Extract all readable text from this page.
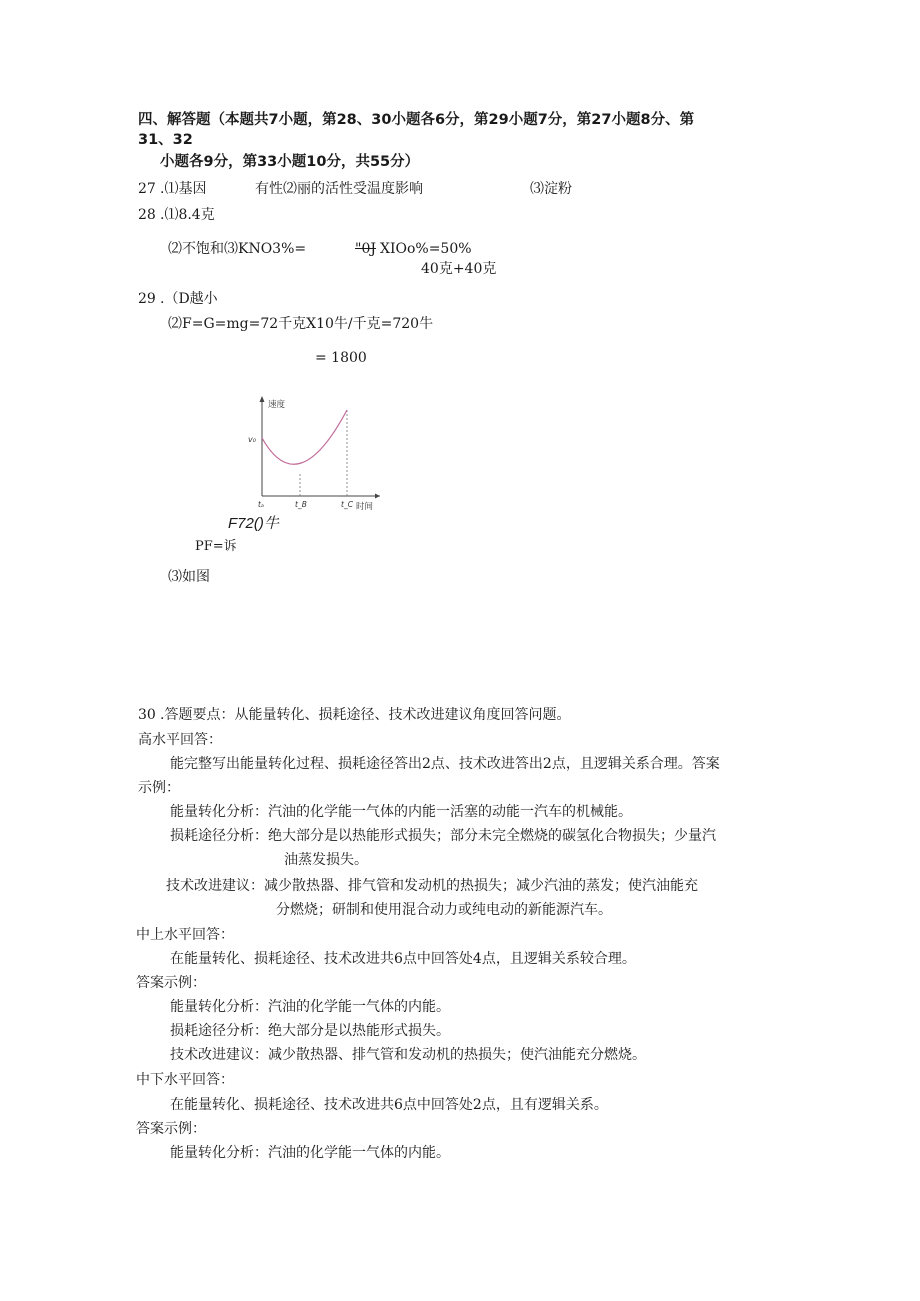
四、解答题（本题共7小题，第28、30小题各6分，第29小题7分，第27小题8分、第
31、32
小题各9分，第33小题10分，共55分）
27 .⑴基因	有性⑵丽的活性受温度影响	⑶淀粉
28 .⑴8.4克
⑵不饱和⑶KNO3%=	"0J XIOo%=50%
40克+40克
29 .（D越小
⑵F=G=mg=72千克X10牛/千克=720牛
= 1800
速度
v₀
tₐ	t_B	t_C 时间
F72()牛
PF=诉
⑶如图
30 .答题要点：从能量转化、损耗途径、技术改进建议角度回答问题。
高水平回答：
能完整写出能量转化过程、损耗途径答出2点、技术改进答出2点，且逻辑关系合理。答案
示例：
能量转化分析：汽油的化学能一气体的内能一活塞的动能一汽车的机械能。
损耗途径分析：绝大部分是以热能形式损失；部分未完全燃烧的碳氢化合物损失；少量汽
油蒸发损失。
技术改进建议：减少散热器、排气管和发动机的热损失；减少汽油的蒸发；使汽油能充
分燃烧；研制和使用混合动力或纯电动的新能源汽车。
中上水平回答：
在能量转化、损耗途径、技术改进共6点中回答处4点，且逻辑关系较合理。
答案示例：
能量转化分析：汽油的化学能一气体的内能。
损耗途径分析：绝大部分是以热能形式损失。
技术改进建议：减少散热器、排气管和发动机的热损失；使汽油能充分燃烧。
中下水平回答：
在能量转化、损耗途径、技术改进共6点中回答处2点，且有逻辑关系。
答案示例：
能量转化分析：汽油的化学能一气体的内能。
